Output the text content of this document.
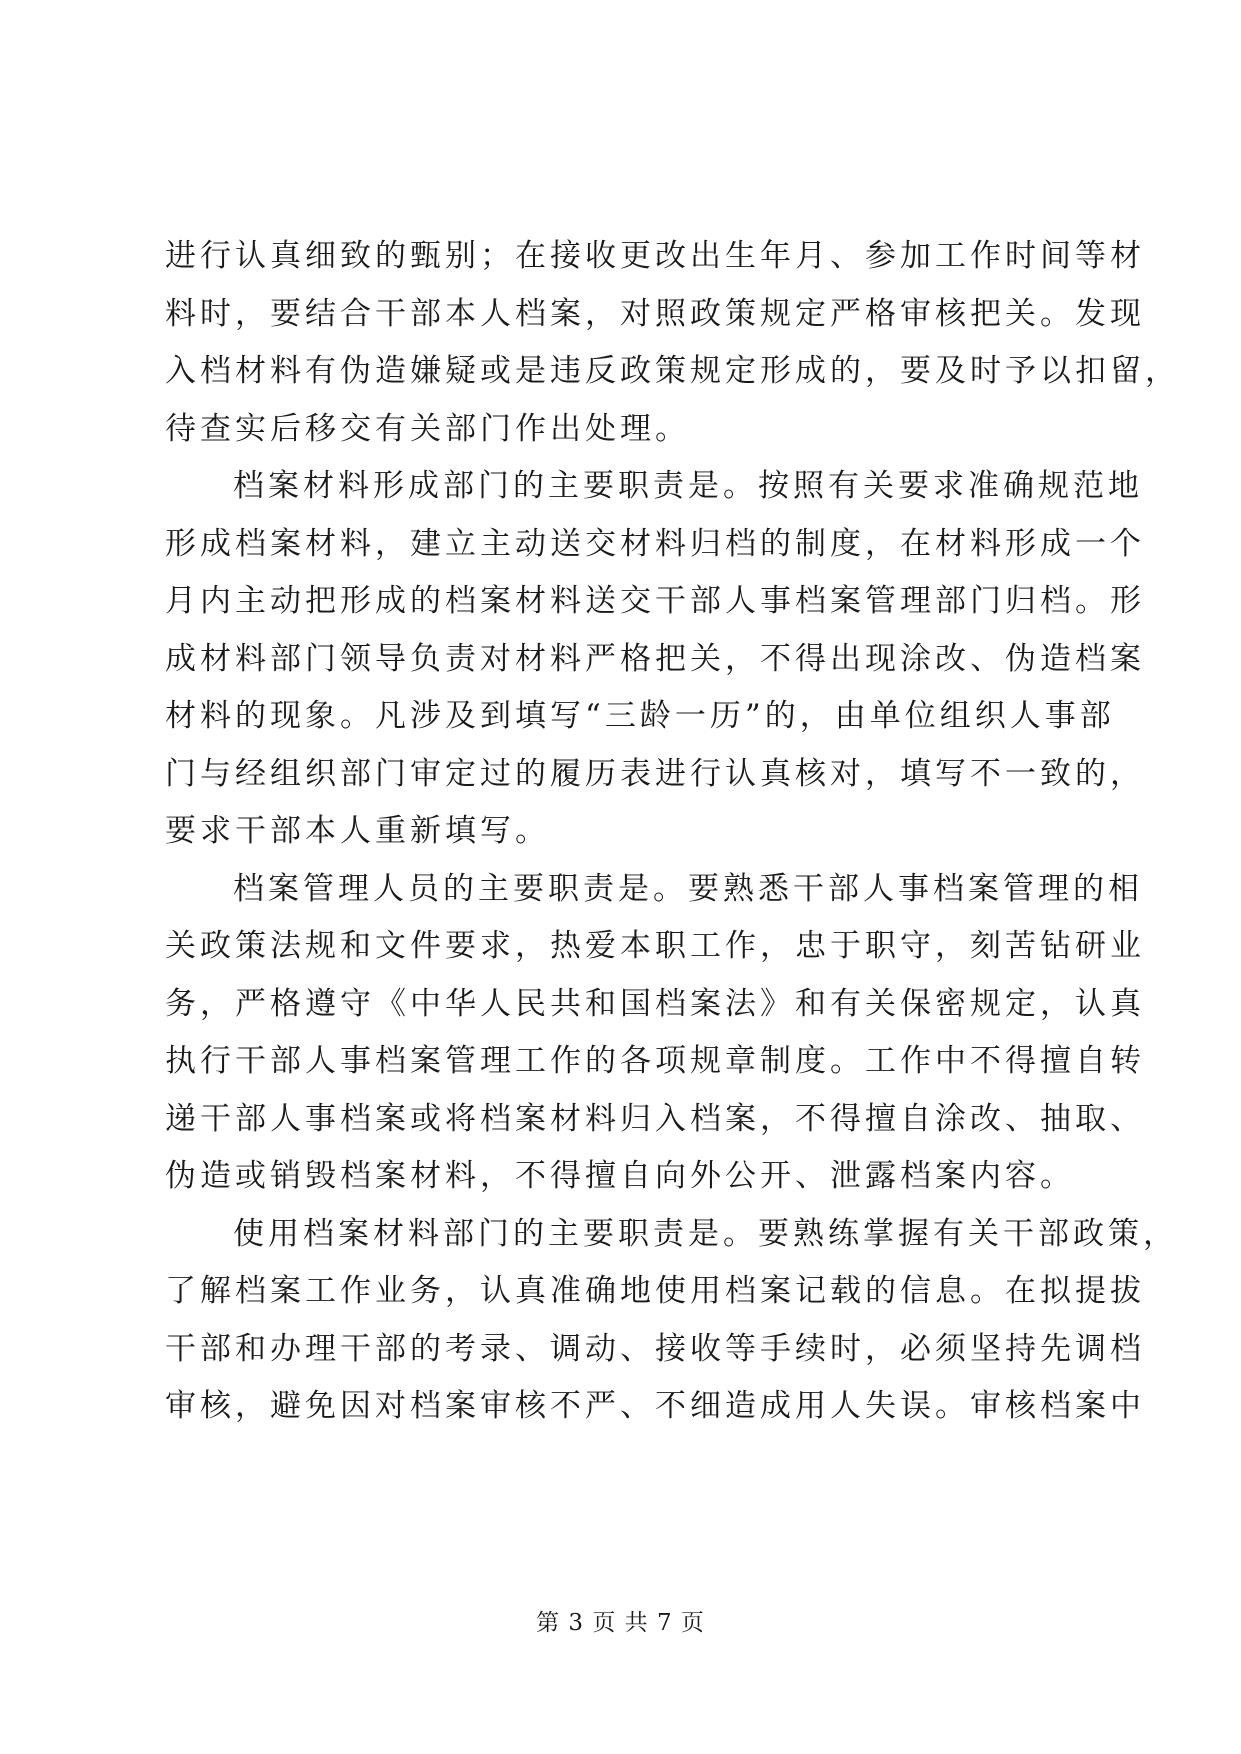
进行认真细致的甄别；在接收更改出生年月、参加工作时间等材
料时，要结合干部本人档案，对照政策规定严格审核把关。发现
入档材料有伪造嫌疑或是违反政策规定形成的，要及时予以扣留，
待查实后移交有关部门作出处理。
档案材料形成部门的主要职责是。按照有关要求准确规范地
形成档案材料，建立主动送交材料归档的制度，在材料形成一个
月内主动把形成的档案材料送交干部人事档案管理部门归档。形
成材料部门领导负责对材料严格把关，不得出现涂改、伪造档案
材料的现象。凡涉及到填写“三龄一历”的，由单位组织人事部
门与经组织部门审定过的履历表进行认真核对，填写不一致的，
要求干部本人重新填写。
档案管理人员的主要职责是。要熟悉干部人事档案管理的相
关政策法规和文件要求，热爱本职工作，忠于职守，刻苦钻研业
务，严格遵守《中华人民共和国档案法》和有关保密规定，认真
执行干部人事档案管理工作的各项规章制度。工作中不得擅自转
递干部人事档案或将档案材料归入档案，不得擅自涂改、抽取、
伪造或销毁档案材料，不得擅自向外公开、泄露档案内容。
使用档案材料部门的主要职责是。要熟练掌握有关干部政策，
了解档案工作业务，认真准确地使用档案记载的信息。在拟提拔
干部和办理干部的考录、调动、接收等手续时，必须坚持先调档
审核，避免因对档案审核不严、不细造成用人失误。审核档案中
第 3 页 共 7 页
